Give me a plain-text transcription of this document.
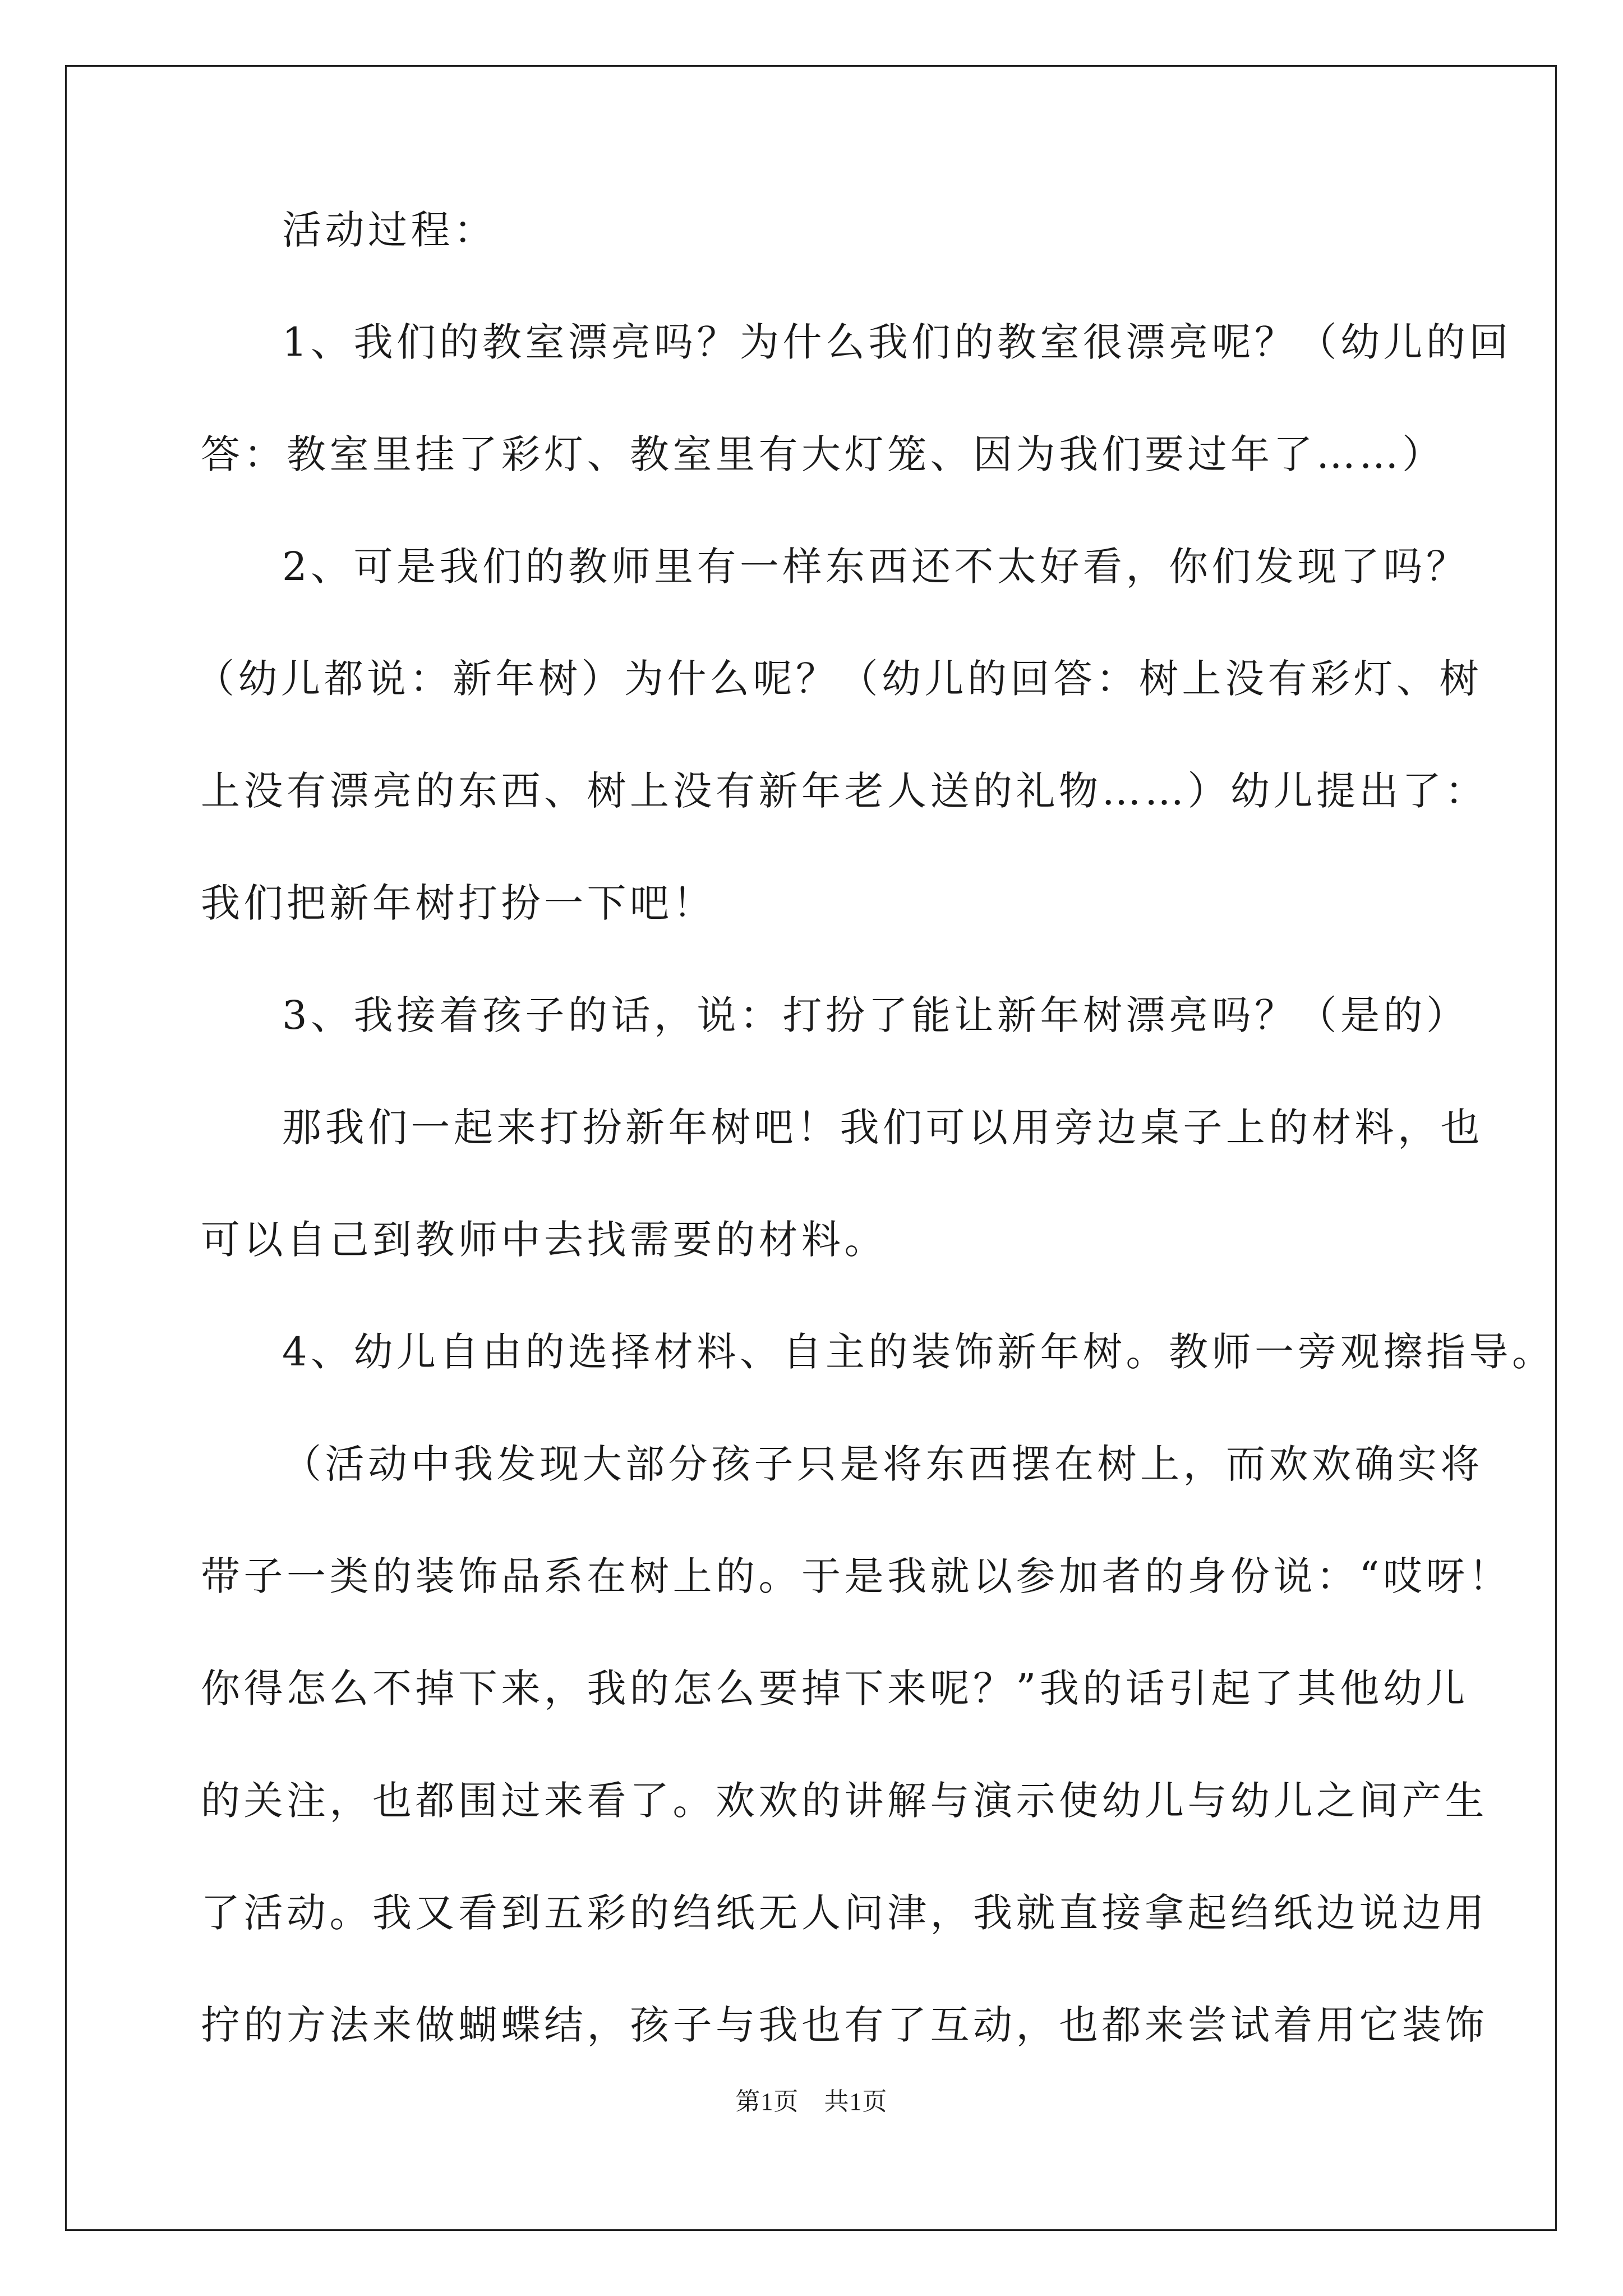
活动过程：
1、我们的教室漂亮吗？为什么我们的教室很漂亮呢？（幼儿的回
答：教室里挂了彩灯、教室里有大灯笼、因为我们要过年了……）
2、可是我们的教师里有一样东西还不太好看，你们发现了吗？
（幼儿都说：新年树）为什么呢？（幼儿的回答：树上没有彩灯、树
上没有漂亮的东西、树上没有新年老人送的礼物……）幼儿提出了：
我们把新年树打扮一下吧！
3、我接着孩子的话，说：打扮了能让新年树漂亮吗？（是的）
那我们一起来打扮新年树吧！我们可以用旁边桌子上的材料，也
可以自己到教师中去找需要的材料。
4、幼儿自由的选择材料、自主的装饰新年树。教师一旁观擦指导。
（活动中我发现大部分孩子只是将东西摆在树上，而欢欢确实将
带子一类的装饰品系在树上的。于是我就以参加者的身份说：“哎呀！
你得怎么不掉下来，我的怎么要掉下来呢？”我的话引起了其他幼儿
的关注，也都围过来看了。欢欢的讲解与演示使幼儿与幼儿之间产生
了活动。我又看到五彩的绉纸无人问津，我就直接拿起绉纸边说边用
拧的方法来做蝴蝶结，孩子与我也有了互动，也都来尝试着用它装饰
第1页　共1页
